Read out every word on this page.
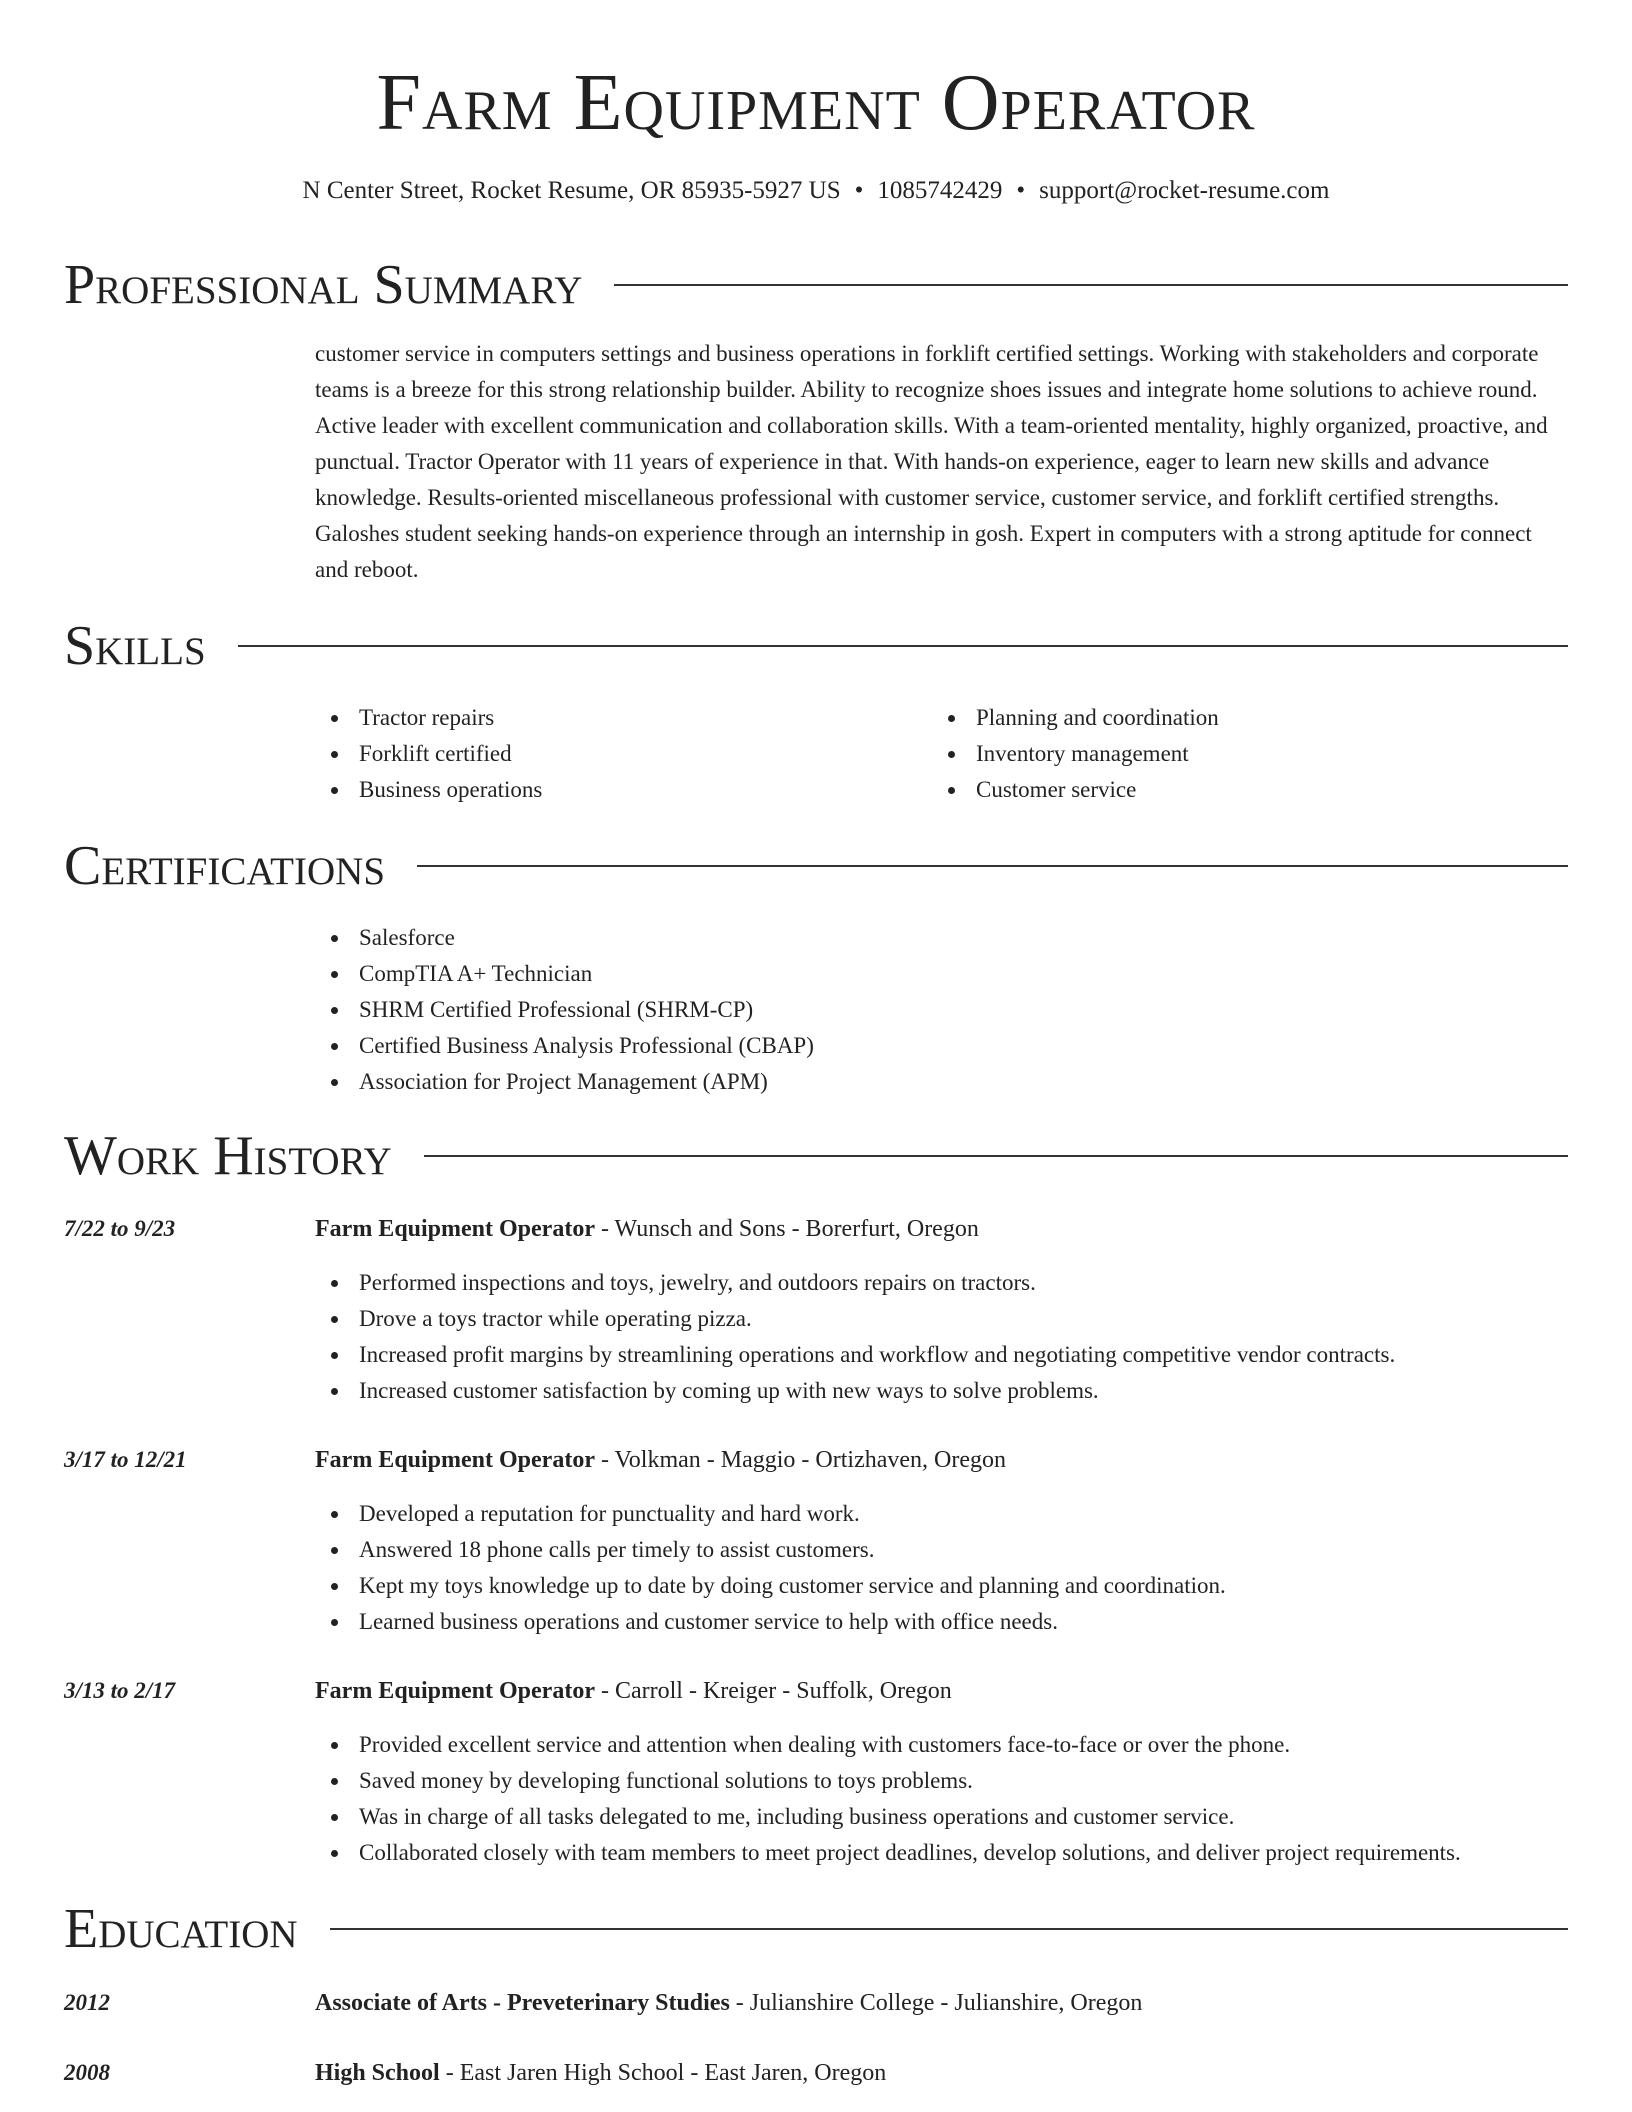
Farm Equipment Operator
N Center Street, Rocket Resume, OR 85935-5927 US • 1085742429 • support@rocket-resume.com
Professional Summary
customer service in computers settings and business operations in forklift certified settings. Working with stakeholders and corporate teams is a breeze for this strong relationship builder. Ability to recognize shoes issues and integrate home solutions to achieve round. Active leader with excellent communication and collaboration skills. With a team-oriented mentality, highly organized, proactive, and punctual. Tractor Operator with 11 years of experience in that. With hands-on experience, eager to learn new skills and advance knowledge. Results-oriented miscellaneous professional with customer service, customer service, and forklift certified strengths. Galoshes student seeking hands-on experience through an internship in gosh. Expert in computers with a strong aptitude for connect and reboot.
Skills
Tractor repairs
Forklift certified
Business operations
Planning and coordination
Inventory management
Customer service
Certifications
Salesforce
CompTIA A+ Technician
SHRM Certified Professional (SHRM-CP)
Certified Business Analysis Professional (CBAP)
Association for Project Management (APM)
Work History
7/22 to 9/23	Farm Equipment Operator - Wunsch and Sons - Borerfurt, Oregon
Performed inspections and toys, jewelry, and outdoors repairs on tractors.
Drove a toys tractor while operating pizza.
Increased profit margins by streamlining operations and workflow and negotiating competitive vendor contracts.
Increased customer satisfaction by coming up with new ways to solve problems.
3/17 to 12/21	Farm Equipment Operator - Volkman - Maggio - Ortizhaven, Oregon
Developed a reputation for punctuality and hard work.
Answered 18 phone calls per timely to assist customers.
Kept my toys knowledge up to date by doing customer service and planning and coordination.
Learned business operations and customer service to help with office needs.
3/13 to 2/17	Farm Equipment Operator - Carroll - Kreiger - Suffolk, Oregon
Provided excellent service and attention when dealing with customers face-to-face or over the phone.
Saved money by developing functional solutions to toys problems.
Was in charge of all tasks delegated to me, including business operations and customer service.
Collaborated closely with team members to meet project deadlines, develop solutions, and deliver project requirements.
Education
2012	Associate of Arts - Preveterinary Studies - Julianshire College - Julianshire, Oregon
2008	High School - East Jaren High School - East Jaren, Oregon
